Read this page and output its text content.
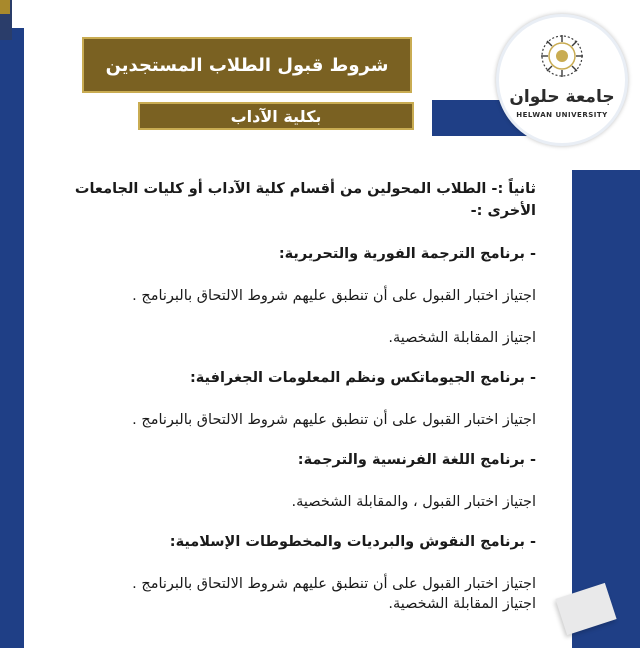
شروط قبول الطلاب المستجدين
بكلية الآداب
جامعة حلوان
HELWAN UNIVERSITY

ثانياً :- الطلاب المحولين من أقسام كلية الآداب أو كليات الجامعات الأخرى :-

- برنامج الترجمة الفورية والتحريرية:

اجتياز اختبار القبول على أن تنطبق عليهم شروط الالتحاق بالبرنامج .

اجتياز المقابلة الشخصية.

- برنامج الجيوماتكس ونظم المعلومات الجغرافية:

اجتياز اختبار القبول على أن تنطبق عليهم شروط الالتحاق بالبرنامج .

- برنامج اللغة الفرنسية والترجمة:

اجتياز اختبار القبول ، والمقابلة الشخصية.

- برنامج النقوش والبرديات والمخطوطات الإسلامية:

اجتياز اختبار القبول على أن تنطبق عليهم شروط الالتحاق بالبرنامج .

اجتياز المقابلة الشخصية.
